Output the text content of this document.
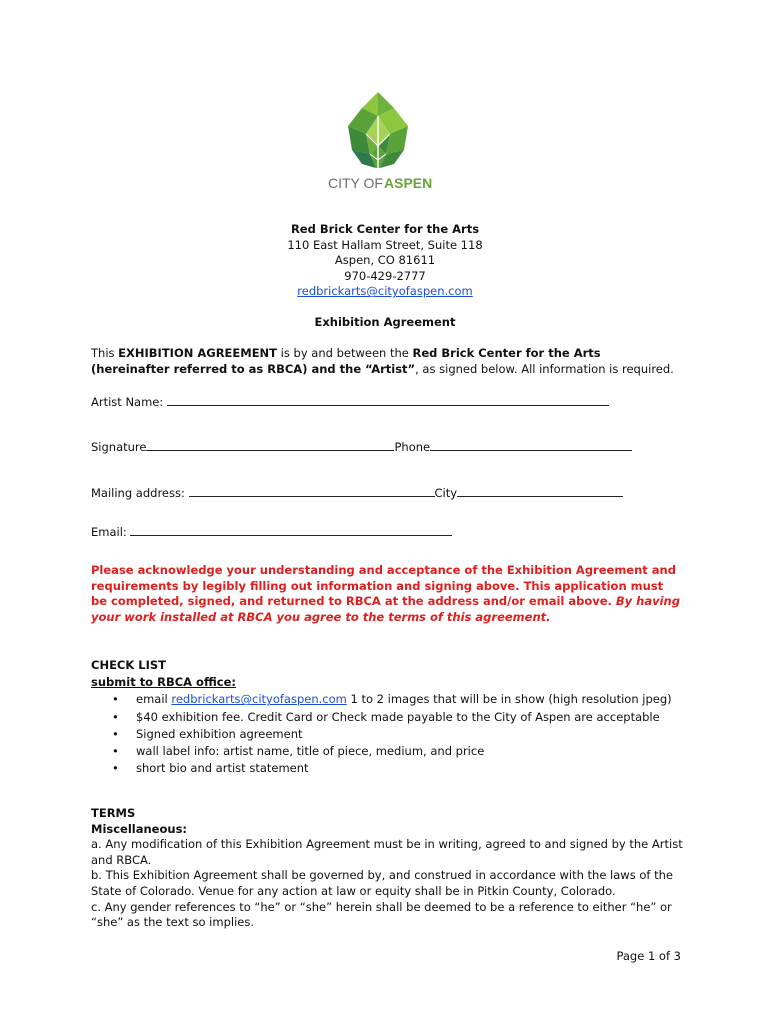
CITY OF ASPEN
Red Brick Center for the Arts
110 East Hallam Street, Suite 118
Aspen, CO 81611
970-429-2777
redbrickarts@cityofaspen.com
Exhibition Agreement
This EXHIBITION AGREEMENT is by and between the Red Brick Center for the Arts (hereinafter referred to as RBCA) and the “Artist”, as signed below. All information is required.
Artist Name:
Signature	Phone
Mailing address:	City
Email:
Please acknowledge your understanding and acceptance of the Exhibition Agreement and requirements by legibly filling out information and signing above. This application must be completed, signed, and returned to RBCA at the address and/or email above. By having your work installed at RBCA you agree to the terms of this agreement.
CHECK LIST
submit to RBCA office:
• email redbrickarts@cityofaspen.com 1 to 2 images that will be in show (high resolution jpeg)
• $40 exhibition fee. Credit Card or Check made payable to the City of Aspen are acceptable
• Signed exhibition agreement
• wall label info: artist name, title of piece, medium, and price
• short bio and artist statement
TERMS
Miscellaneous:

a. Any modification of this Exhibition Agreement must be in writing, agreed to and signed by the Artist and RBCA.

b. This Exhibition Agreement shall be governed by, and construed in accordance with the laws of the State of Colorado. Venue for any action at law or equity shall be in Pitkin County, Colorado.

c. Any gender references to “he” or “she” herein shall be deemed to be a reference to either “he” or “she” as the text so implies.

Page 1 of 3
